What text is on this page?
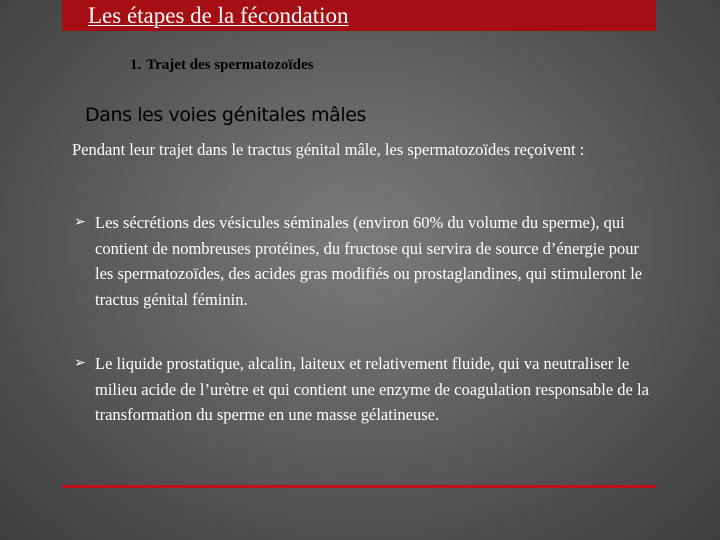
Les étapes de la fécondation
1. Trajet des spermatozoïdes
Dans les voies génitales mâles
Pendant leur trajet dans le tractus génital mâle, les spermatozoïdes reçoivent :
➢ Les sécrétions des vésicules séminales (environ 60% du volume du sperme), qui contient de nombreuses protéines, du fructose qui servira de source d’énergie pour les spermatozoïdes, des acides gras modifiés ou prostaglandines, qui stimuleront le tractus génital féminin.
➢ Le liquide prostatique, alcalin, laiteux et relativement fluide, qui va neutraliser le milieu acide de l’urètre et qui contient une enzyme de coagulation responsable de la transformation du sperme en une masse gélatineuse.
